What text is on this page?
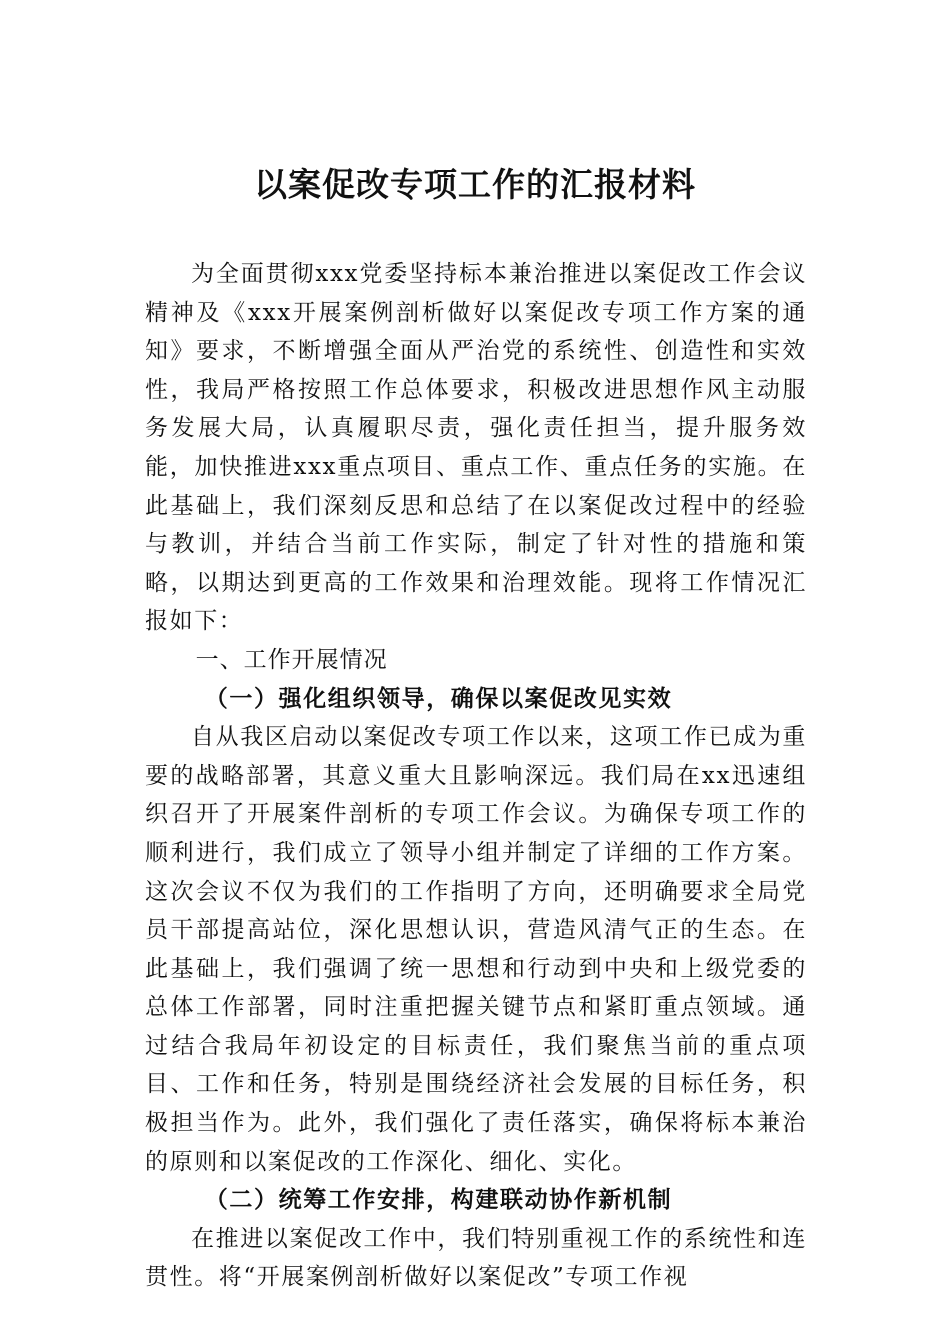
以案促改专项工作的汇报材料

为全面贯彻xxx党委坚持标本兼治推进以案促改工作会议精神及《xxx开展案例剖析做好以案促改专项工作方案的通知》要求，不断增强全面从严治党的系统性、创造性和实效性，我局严格按照工作总体要求，积极改进思想作风主动服务发展大局，认真履职尽责，强化责任担当，提升服务效能，加快推进xxx重点项目、重点工作、重点任务的实施。在此基础上，我们深刻反思和总结了在以案促改过程中的经验与教训，并结合当前工作实际，制定了针对性的措施和策略，以期达到更高的工作效果和治理效能。现将工作情况汇报如下：

一、工作开展情况

（一）强化组织领导，确保以案促改见实效

自从我区启动以案促改专项工作以来，这项工作已成为重要的战略部署，其意义重大且影响深远。我们局在xx迅速组织召开了开展案件剖析的专项工作会议。为确保专项工作的顺利进行，我们成立了领导小组并制定了详细的工作方案。这次会议不仅为我们的工作指明了方向，还明确要求全局党员干部提高站位，深化思想认识，营造风清气正的生态。在此基础上，我们强调了统一思想和行动到中央和上级党委的总体工作部署，同时注重把握关键节点和紧盯重点领域。通过结合我局年初设定的目标责任，我们聚焦当前的重点项目、工作和任务，特别是围绕经济社会发展的目标任务，积极担当作为。此外，我们强化了责任落实，确保将标本兼治的原则和以案促改的工作深化、细化、实化。

（二）统筹工作安排，构建联动协作新机制

在推进以案促改工作中，我们特别重视工作的系统性和连贯性。将“开展案例剖析做好以案促改”专项工作视
